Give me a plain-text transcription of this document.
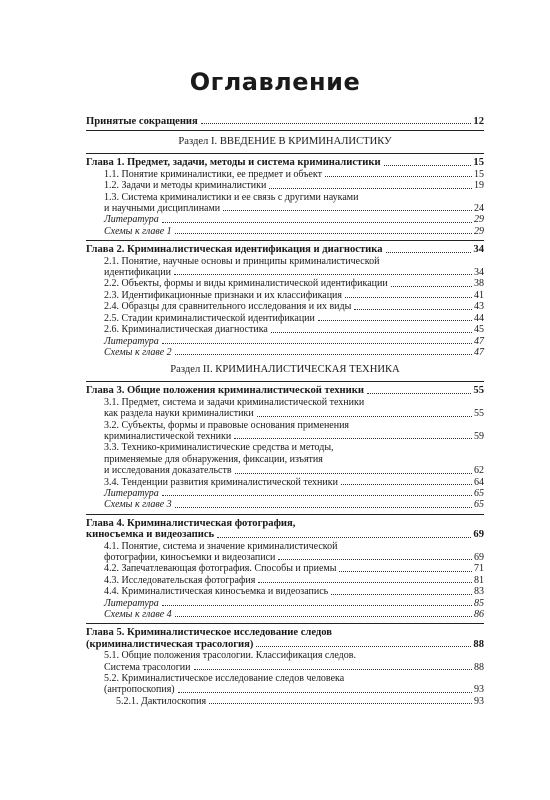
Оглавление
Принятые сокращения	12
Раздел I. ВВЕДЕНИЕ В КРИМИНАЛИСТИКУ
Глава 1. Предмет, задачи, методы и система криминалистики	15
1.1. Понятие криминалистики, ее предмет и объект	15
1.2. Задачи и методы криминалистики	19
1.3. Система криминалистики и ее связь с другими науками
и научными дисциплинами	24
Литература	29
Схемы к главе 1	29
Глава 2. Криминалистическая идентификация и диагностика	34
2.1. Понятие, научные основы и принципы криминалистической
идентификации	34
2.2. Объекты, формы и виды криминалистической идентификации	38
2.3. Идентификационные признаки и их классификация	41
2.4. Образцы для сравнительного исследования и их виды	43
2.5. Стадии криминалистической идентификации	44
2.6. Криминалистическая диагностика	45
Литература	47
Схемы к главе 2	47
Раздел II. КРИМИНАЛИСТИЧЕСКАЯ ТЕХНИКА
Глава 3. Общие положения криминалистической техники	55
3.1. Предмет, система и задачи криминалистической техники
как раздела науки криминалистики	55
3.2. Субъекты, формы и правовые основания применения
криминалистической техники	59
3.3. Технико-криминалистические средства и методы,
применяемые для обнаружения, фиксации, изъятия
и исследования доказательств	62
3.4. Тенденции развития криминалистической техники	64
Литература	65
Схемы к главе 3	65
Глава 4. Криминалистическая фотография,
киносъемка и видеозапись	69
4.1. Понятие, система и значение криминалистической
фотографии, киносъемки и видеозаписи	69
4.2. Запечатлевающая фотография. Способы и приемы	71
4.3. Исследовательская фотография	81
4.4. Криминалистическая киносъемка и видеозапись	83
Литература	85
Схемы к главе 4	86
Глава 5. Криминалистическое исследование следов
(криминалистическая трасология)	88
5.1. Общие положения трасологии. Классификация следов.
Система трасологии	88
5.2. Криминалистическое исследование следов человека
(антропоскопия)	93
5.2.1. Дактилоскопия	93
